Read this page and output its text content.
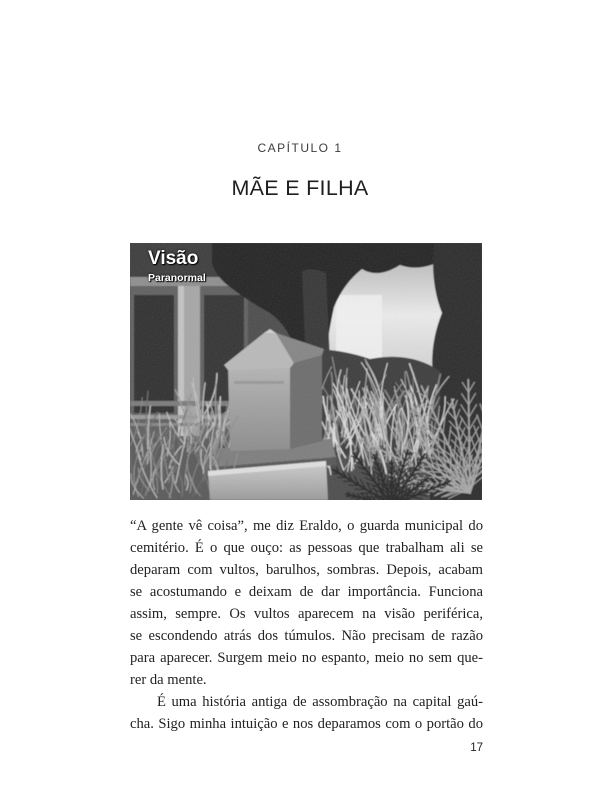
CAPÍTULO 1
MÃE E FILHA
Visão
Paranormal

“A gente vê coisa”, me diz Eraldo, o guarda municipal do
cemitério. É o que ouço: as pessoas que trabalham ali se
deparam com vultos, barulhos, sombras. Depois, acabam
se acostumando e deixam de dar importância. Funciona
assim, sempre. Os vultos aparecem na visão periférica,
se escondendo atrás dos túmulos. Não precisam de razão
para aparecer. Surgem meio no espanto, meio no sem que-
rer da mente.

É uma história antiga de assombração na capital gaú-
cha. Sigo minha intuição e nos deparamos com o portão do

17
